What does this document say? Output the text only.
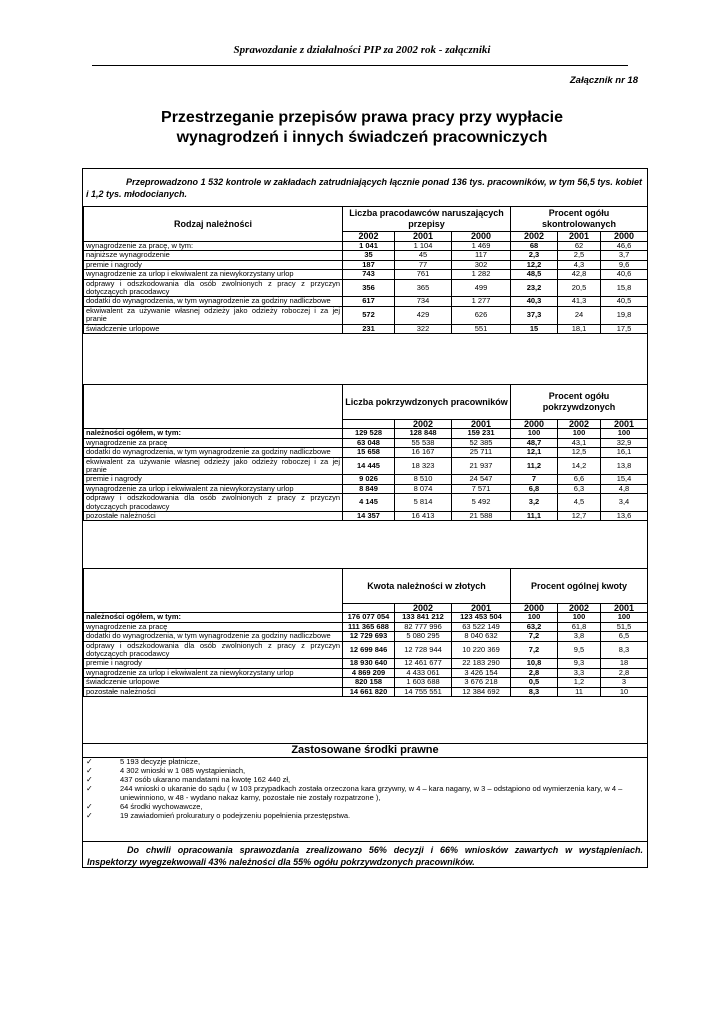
Sprawozdanie z działalności PIP za 2002 rok - załączniki
Załącznik nr 18
Przestrzeganie przepisów prawa pracy przy wypłacie
wynagrodzeń i innych świadczeń pracowniczych
Przeprowadzono 1 532 kontrole w zakładach zatrudniających łącznie ponad 136 tys. pracowników, w tym 56,5 tys. kobiet i 1,2 tys. młodocianych.
Rodzaj należności	Liczba pracodawców naruszających przepisy			Procent ogółu skontrolowanych		
	2002	2001	2000	2002	2001	2000
wynagrodzenie za pracę, w tym:	1 041	1 104	1 469	68	62	46,6
najniższe wynagrodzenie	35	45	117	2,3	2,5	3,7
premie i nagrody	187	77	302	12,2	4,3	9,6
wynagrodzenie za urlop i ekwiwalent za niewykorzystany urlop	743	761	1 282	48,5	42,8	40,6
odprawy i odszkodowania dla osób zwolnionych z pracy z przyczyn dotyczących pracodawcy	356	365	499	23,2	20,5	15,8
dodatki do wynagrodzenia, w tym wynagrodzenie za godziny nadliczbowe	617	734	1 277	40,3	41,3	40,5
ekwiwalent za używanie własnej odzieży jako odzieży roboczej i za jej pranie	572	429	626	37,3	24	19,8
świadczenie urlopowe	231	322	551	15	18,1	17,5
	Liczba pokrzywdzonych pracowników			Procent ogółu pokrzywdzonych			
		2002	2001	2000	2002	2001	
należności ogółem, w tym:	129 528	128 848	159 231	100	100	100	
wynagrodzenie za pracę	63 048	55 538	52 385	48,7	43,1	32,9	
dodatki do wynagrodzenia, w tym wynagrodzenie za godziny nadliczbowe	15 658	16 167	25 711	12,1	12,5	16,1	
ekwiwalent za używanie własnej odzieży jako odzieży roboczej i za jej pranie	14 445	18 323	21 937	11,2	14,2	13,8	
premie i nagrody	9 026	8 510	24 547	7	6,6	15,4	
wynagrodzenie za urlop i ekwiwalent za niewykorzystany urlop	8 849	8 074	7 571	6,8	6,3	4,8	
odprawy i odszkodowania dla osób zwolnionych z pracy z przyczyn dotyczących pracodawcy	4 145	5 814	5 492	3,2	4,5	3,4	
pozostałe należności	14 357	16 413	21 588	11,1	12,7	13,6	
	Kwota należności w złotych			Procent ogólnej kwoty			
		2002	2001	2000	2002	2001	
należności ogółem, w tym:	176 077 054	133 841 212	123 453 504	100	100	100	
wynagrodzenie za pracę	111 365 688	82 777 996	63 522 149	63,2	61,8	51,5	
dodatki do wynagrodzenia, w tym wynagrodzenie za godziny nadliczbowe	12 729 693	5 080 295	8 040 632	7,2	3,8	6,5	
odprawy i odszkodowania dla osób zwolnionych z pracy z przyczyn dotyczących pracodawcy	12 699 846	12 728 944	10 220 369	7,2	9,5	8,3	
premie i nagrody	18 930 640	12 461 677	22 183 290	10,8	9,3	18	
wynagrodzenie za urlop i ekwiwalent za niewykorzystany urlop	4 869 209	4 433 061	3 426 154	2,8	3,3	2,8	
świadczenie urlopowe	820 158	1 603 688	3 676 218	0,5	1,2	3	
pozostałe należności	14 661 820	14 755 551	12 384 692	8,3	11	10	
Zastosowane środki prawne
✓	5 193 decyzje płatnicze,
✓	4 302 wnioski w 1 085 wystąpieniach,
✓	437 osób ukarano mandatami na kwotę 162 440 zł,
✓	244 wnioski o ukaranie do sądu ( w 103 przypadkach została orzeczona kara grzywny, w 4 – kara nagany, w 3 – odstąpiono od wymierzenia kary, w 4 – uniewinniono, w 48 - wydano nakaz karny, pozostałe nie zostały rozpatrzone ),
✓	64 środki wychowawcze,
✓	19 zawiadomień prokuratury o podejrzeniu popełnienia przestępstwa.
Do chwili opracowania sprawozdania zrealizowano 56% decyzji i 66% wniosków zawartych w wystąpieniach. Inspektorzy wyegzekwowali 43% należności dla 55% ogółu pokrzywdzonych pracowników.
